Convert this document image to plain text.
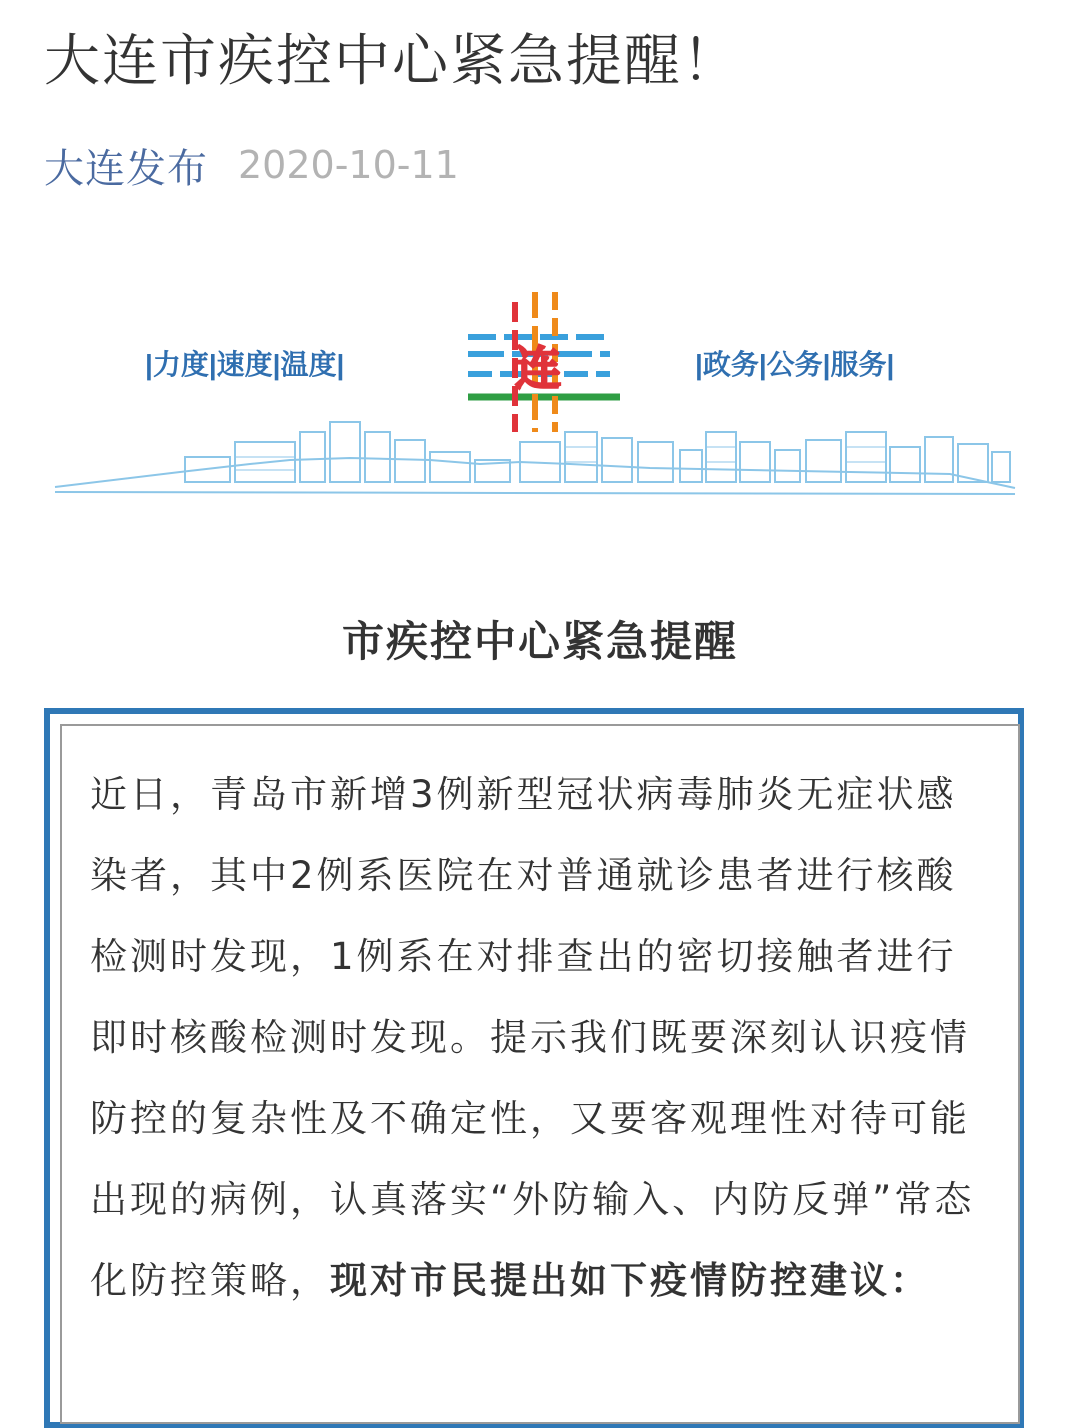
大连市疾控中心紧急提醒！
大连发布 2020-10-11
|力度|速度|温度|	|政务|公务|服务|
连
市疾控中心紧急提醒
近日，青岛市新增3例新型冠状病毒肺炎无症状感染者，其中2例系医院在对普通就诊患者进行核酸检测时发现，1例系在对排查出的密切接触者进行即时核酸检测时发现。提示我们既要深刻认识疫情防控的复杂性及不确定性，又要客观理性对待可能出现的病例，认真落实“外防输入、内防反弹”常态化防控策略，现对市民提出如下疫情防控建议：
